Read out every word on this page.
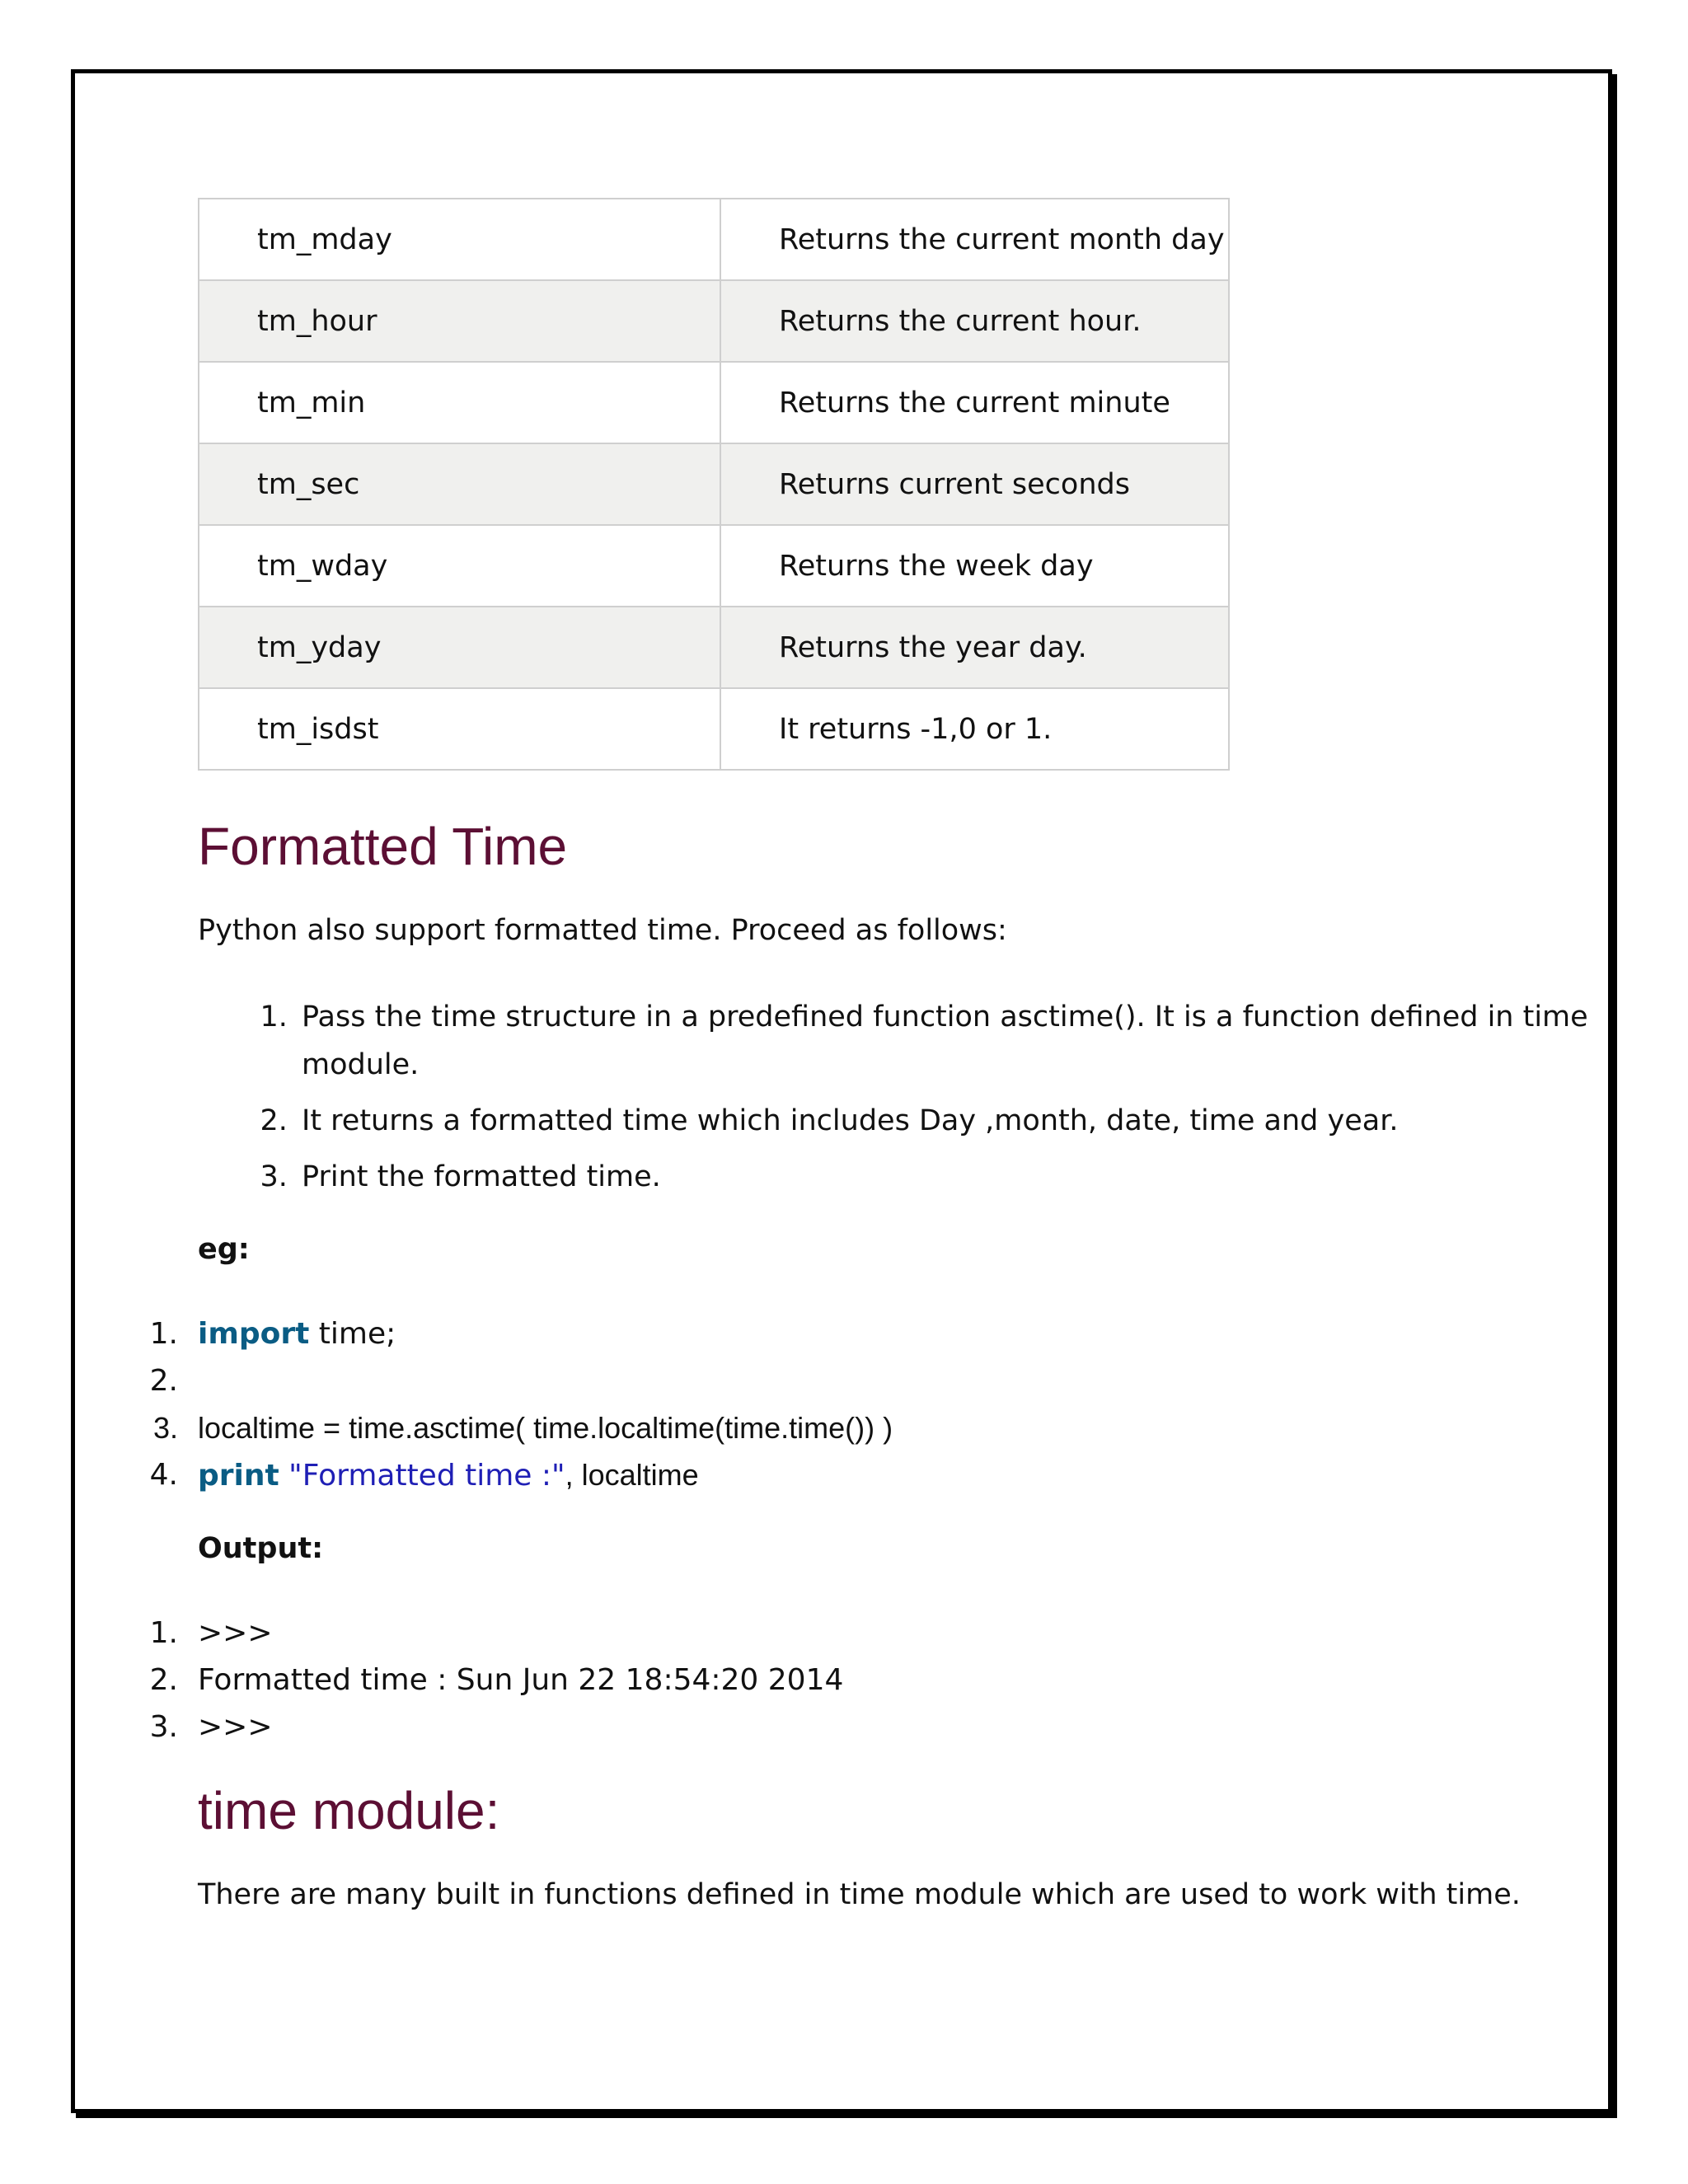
tm_mday	Returns the current month day
tm_hour	Returns the current hour.
tm_min	Returns the current minute
tm_sec	Returns current seconds
tm_wday	Returns the week day
tm_yday	Returns the year day.
tm_isdst	It returns -1,0 or 1.
Formatted Time

Python also support formatted time. Proceed as follows:

1. Pass the time structure in a predefined function asctime(). It is a function defined in time module.
2. It returns a formatted time which includes Day ,month, date, time and year.
3. Print the formatted time.

eg:

import time;
localtime = time.asctime( time.localtime(time.time()) )
print "Formatted time :", localtime

Output:

>>>
Formatted time : Sun Jun 22 18:54:20 2014
>>>
time module:

There are many built in functions defined in time module which are used to work with time.
